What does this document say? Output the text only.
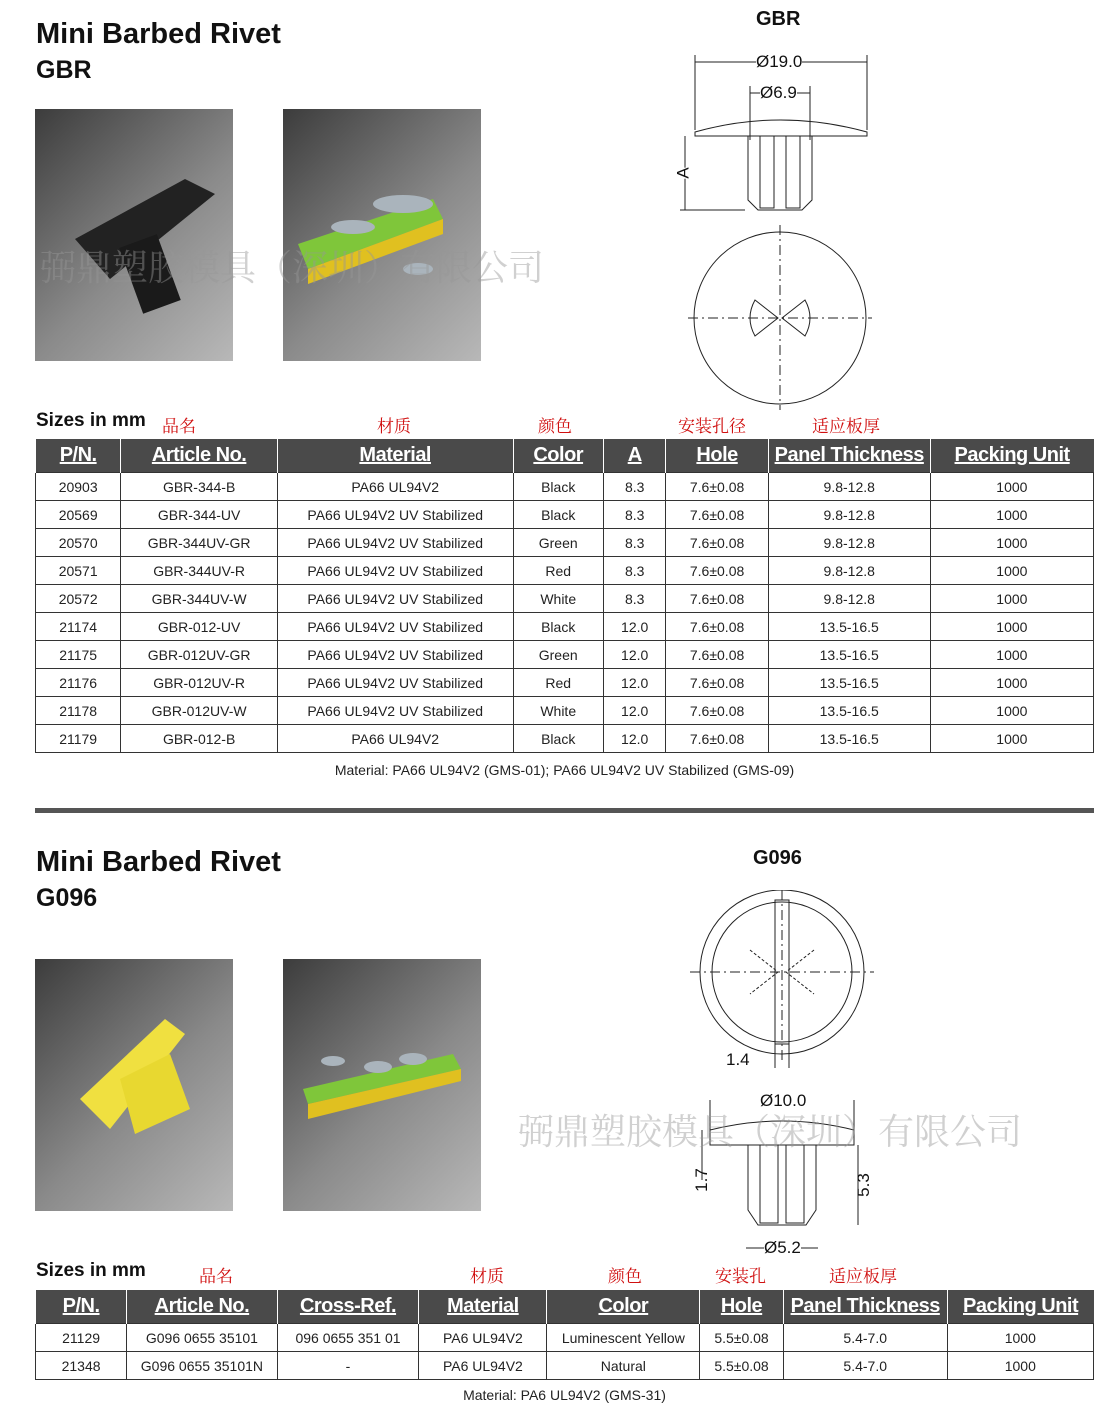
Mini Barbed Rivet
GBR
GBR
Ø19.0
Ø6.9
A
弼鼎塑胶模具（深圳）有限公司
Sizes in mm 品名	材质	颜色	安装孔径	适应板厚
P/N.	Article No.	Material	Color	A	Hole	Panel Thickness	Packing Unit
20903	GBR-344-B	PA66 UL94V2	Black	8.3	7.6±0.08	9.8-12.8	1000
20569	GBR-344-UV	PA66 UL94V2 UV Stabilized	Black	8.3	7.6±0.08	9.8-12.8	1000
20570	GBR-344UV-GR	PA66 UL94V2 UV Stabilized	Green	8.3	7.6±0.08	9.8-12.8	1000
20571	GBR-344UV-R	PA66 UL94V2 UV Stabilized	Red	8.3	7.6±0.08	9.8-12.8	1000
20572	GBR-344UV-W	PA66 UL94V2 UV Stabilized	White	8.3	7.6±0.08	9.8-12.8	1000
21174	GBR-012-UV	PA66 UL94V2 UV Stabilized	Black	12.0	7.6±0.08	13.5-16.5	1000
21175	GBR-012UV-GR	PA66 UL94V2 UV Stabilized	Green	12.0	7.6±0.08	13.5-16.5	1000
21176	GBR-012UV-R	PA66 UL94V2 UV Stabilized	Red	12.0	7.6±0.08	13.5-16.5	1000
21178	GBR-012UV-W	PA66 UL94V2 UV Stabilized	White	12.0	7.6±0.08	13.5-16.5	1000
21179	GBR-012-B	PA66 UL94V2	Black	12.0	7.6±0.08	13.5-16.5	1000
Material: PA66 UL94V2 (GMS-01); PA66 UL94V2 UV Stabilized (GMS-09)
Mini Barbed Rivet
G096
G096
1.4
Ø10.0
1.7	5.3
Ø5.2
弼鼎塑胶模具（深圳）有限公司
Sizes in mm	品名	材质	颜色	安装孔	适应板厚
P/N.	Article No.	Cross-Ref.	Material	Color	Hole	Panel Thickness	Packing Unit
21129	G096 0655 35101	096 0655 351 01	PA6 UL94V2	Luminescent Yellow	5.5±0.08	5.4-7.0	1000
21348	G096 0655 35101N	-	PA6 UL94V2	Natural	5.5±0.08	5.4-7.0	1000
Material: PA6 UL94V2 (GMS-31)
